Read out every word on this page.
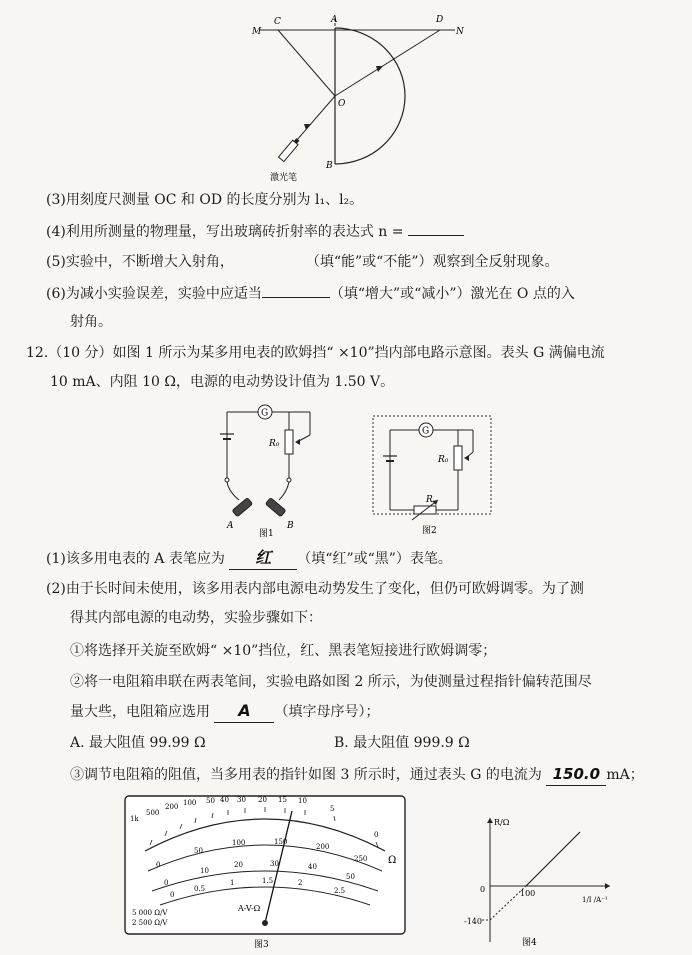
M
C	A	D
N
O
B
激光笔
(3)用刻度尺测量 OC 和 OD 的长度分别为 l₁、l₂。
(4)利用所测量的物理量，写出玻璃砖折射率的表达式 n =
(5)实验中，不断增大入射角，	（填“能”或“不能”）观察到全反射现象。
(6)为减小实验误差，实验中应适当	（填“增大”或“减小”）激光在 O 点的入
射角。
12.（10 分）如图 1 所示为某多用电表的欧姆挡“ ×10”挡内部电路示意图。表头 G 满偏电流
10 mA、内阻 10 Ω，电源的电动势设计值为 1.50 V。
G
R₀
A	B
图1
G
R₀
R
图2
(1)该多用电表的 A 表笔应为 红 （填“红”或“黑”）表笔。
(2)由于长时间未使用，该多用表内部电源电动势发生了变化，但仍可欧姆调零。为了测
得其内部电源的电动势，实验步骤如下：
①将选择开关旋至欧姆“ ×10”挡位，红、黑表笔短接进行欧姆调零；
②将一电阻箱串联在两表笔间，实验电路如图 2 所示，为使测量过程指针偏转范围尽
量大些，电阻箱应选用 A （填字母序号）；
A. 最大阻值 99.99 Ω	B. 最大阻值 999.9 Ω
③调节电阻箱的阻值，当多用表的指针如图 3 所示时，通过表头 G 的电流为 150.0 mA；
1k
500
200 100 50 40 30 20 15 10
5
0
0
50
100	150
200
250
0
10
20	30	40
50
0
0.5
1	1.5	2
2.5
Ω
A-V-Ω
5 000 Ω/V
2 500 Ω/V
图3
R/Ω
1/I /A⁻¹
0	100
-140
图4
